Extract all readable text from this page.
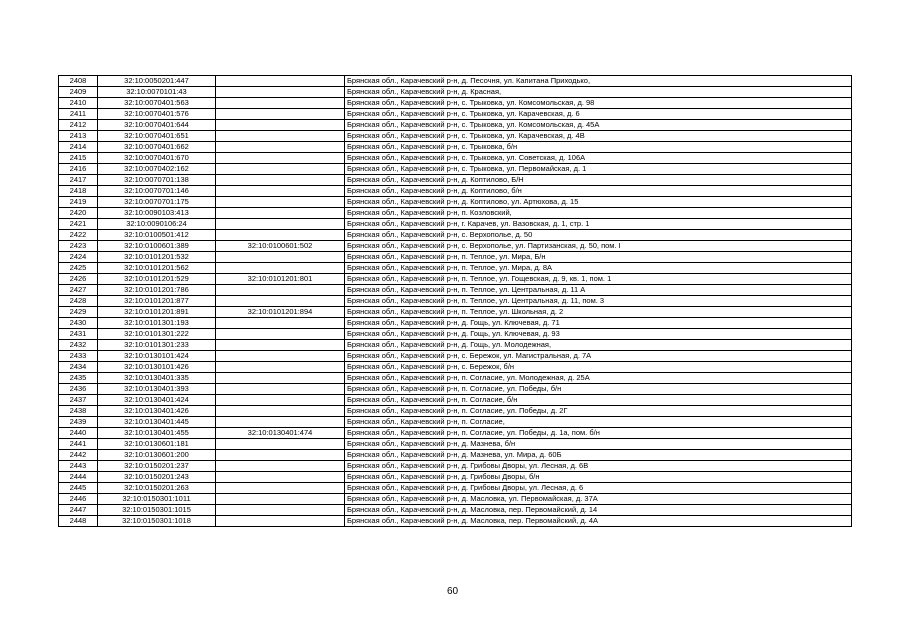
2408	32:10:0050201:447		Брянская обл., Карачевский р-н, д. Песочня, ул. Капитана Приходько,
2409	32:10:0070101:43		Брянская обл., Карачевский р-н, д. Красная,
2410	32:10:0070401:563		Брянская обл., Карачевский р-н, с. Трыковка, ул. Комсомольская, д. 98
2411	32:10:0070401:576		Брянская обл., Карачевский р-н, с. Трыковка, ул. Карачевская, д. 6
2412	32:10:0070401:644		Брянская обл., Карачевский р-н, с. Трыковка, ул. Комсомольская, д. 45А
2413	32:10:0070401:651		Брянская обл., Карачевский р-н, с. Трыковка, ул. Карачевская, д. 4В
2414	32:10:0070401:662		Брянская обл., Карачевский р-н, с. Трыковка, б/н
2415	32:10:0070401:670		Брянская обл., Карачевский р-н, с. Трыковка, ул. Советская, д. 106А
2416	32:10:0070402:162		Брянская обл., Карачевский р-н, с. Трыковка, ул. Первомайская, д. 1
2417	32:10:0070701:138		Брянская обл., Карачевский р-н, д. Коптилово, Б/Н
2418	32:10:0070701:146		Брянская обл., Карачевский р-н, д. Коптилово, б/н
2419	32:10:0070701:175		Брянская обл., Карачевский р-н, д. Коптилово, ул. Артюхова, д. 15
2420	32:10:0090103:413		Брянская обл., Карачевский р-н, п. Козловский,
2421	32:10:0090106:24		Брянская обл., Карачевский р-н, г. Карачев, ул. Вазовская, д. 1, стр. 1
2422	32:10:0100501:412		Брянская обл., Карачевский р-н, с. Верхополье, д. 50
2423	32:10:0100601:389	32:10:0100601:502	Брянская обл., Карачевский р-н, с. Верхополье, ул. Партизанская, д. 50, пом. I
2424	32:10:0101201:532		Брянская обл., Карачевский р-н, п. Теплое, ул. Мира, Б/н
2425	32:10:0101201:562		Брянская обл., Карачевский р-н, п. Теплое, ул. Мира, д. 8А
2426	32:10:0101201:529	32:10:0101201:801	Брянская обл., Карачевский р-н, п. Теплое, ул. Гощевская, д. 9, кв. 1, пом. 1
2427	32:10:0101201:786		Брянская обл., Карачевский р-н, п. Теплое, ул. Центральная, д. 11 А
2428	32:10:0101201:877		Брянская обл., Карачевский р-н, п. Теплое, ул. Центральная, д. 11, пом. 3
2429	32:10:0101201:891	32:10:0101201:894	Брянская обл., Карачевский р-н, п. Теплое, ул. Школьная, д. 2
2430	32:10:0101301:193		Брянская обл., Карачевский р-н, д. Гощь, ул. Ключевая, д. 71
2431	32:10:0101301:222		Брянская обл., Карачевский р-н, д. Гощь, ул. Ключевая, д. 93
2432	32:10:0101301:233		Брянская обл., Карачевский р-н, д. Гощь, ул. Молодежная,
2433	32:10:0130101:424		Брянская обл., Карачевский р-н, с. Бережок, ул. Магистральная, д. 7А
2434	32:10:0130101:426		Брянская обл., Карачевский р-н, с. Бережок, б/н
2435	32:10:0130401:335		Брянская обл., Карачевский р-н, п. Согласие, ул. Молодежная, д. 25А
2436	32:10:0130401:393		Брянская обл., Карачевский р-н, п. Согласие, ул. Победы, б/н
2437	32:10:0130401:424		Брянская обл., Карачевский р-н, п. Согласие, б/н
2438	32:10:0130401:426		Брянская обл., Карачевский р-н, п. Согласие, ул. Победы, д. 2Г
2439	32:10:0130401:445		Брянская обл., Карачевский р-н, п. Согласие,
2440	32:10:0130401:455	32:10:0130401:474	Брянская обл., Карачевский р-н, п. Согласие, ул. Победы, д. 1а, пом. б/н
2441	32:10:0130601:181		Брянская обл., Карачевский р-н, д. Мазнева, б/н
2442	32:10:0130601:200		Брянская обл., Карачевский р-н, д. Мазнева, ул. Мира, д. 60Б
2443	32:10:0150201:237		Брянская обл., Карачевский р-н, д. Грибовы Дворы, ул. Лесная, д. 6В
2444	32:10:0150201:243		Брянская обл., Карачевский р-н, д. Грибовы Дворы, б/н
2445	32:10:0150201:263		Брянская обл., Карачевский р-н, д. Грибовы Дворы, ул. Лесная, д. 6
2446	32:10:0150301:1011		Брянская обл., Карачевский р-н, д. Масловка, ул. Первомайская, д. 37А
2447	32:10:0150301:1015		Брянская обл., Карачевский р-н, д. Масловка, пер. Первомайский, д. 14
2448	32:10:0150301:1018		Брянская обл., Карачевский р-н, д. Масловка, пер. Первомайский, д. 4А
60
